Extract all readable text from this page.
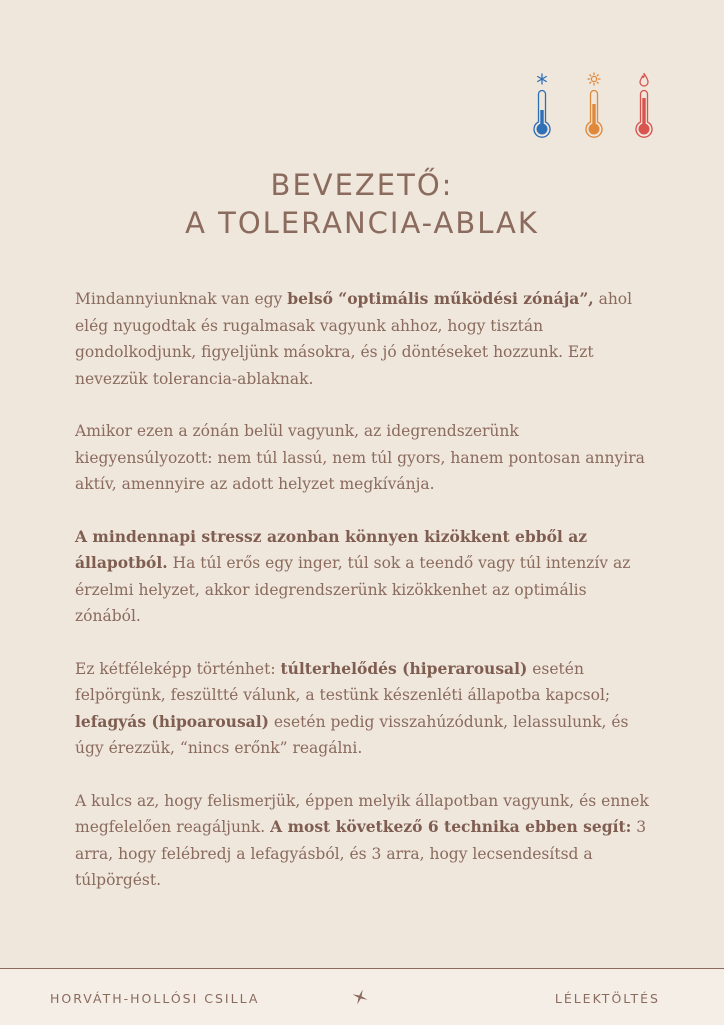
BEVEZETŐ:
A TOLERANCIA-ABLAK

Mindannyiunknak van egy belső “optimális működési zónája”, ahol elég nyugodtak és rugalmasak vagyunk ahhoz, hogy tisztán gondolkodjunk, figyeljünk másokra, és jó döntéseket hozzunk. Ezt nevezzük tolerancia-ablaknak.

Amikor ezen a zónán belül vagyunk, az idegrendszerünk kiegyensúlyozott: nem túl lassú, nem túl gyors, hanem pontosan annyira aktív, amennyire az adott helyzet megkívánja.

A mindennapi stressz azonban könnyen kizökkent ebből az állapotból. Ha túl erős egy inger, túl sok a teendő vagy túl intenzív az érzelmi helyzet, akkor idegrendszerünk kizökkenhet az optimális zónából.

Ez kétféleképp történhet: túlterhelődés (hiperarousal) esetén felpörgünk, feszültté válunk, a testünk készenléti állapotba kapcsol; lefagyás (hipoarousal) esetén pedig visszahúzódunk, lelassulunk, és úgy érezzük, “nincs erőnk” reagálni.

A kulcs az, hogy felismerjük, éppen melyik állapotban vagyunk, és ennek megfelelően reagáljunk. A most következő 6 technika ebben segít: 3 arra, hogy felébredj a lefagyásból, és 3 arra, hogy lecsendesítsd a túlpörgést.

HORVÁTH-HOLLÓSI CSILLA	LÉLEKTÖLTÉS
